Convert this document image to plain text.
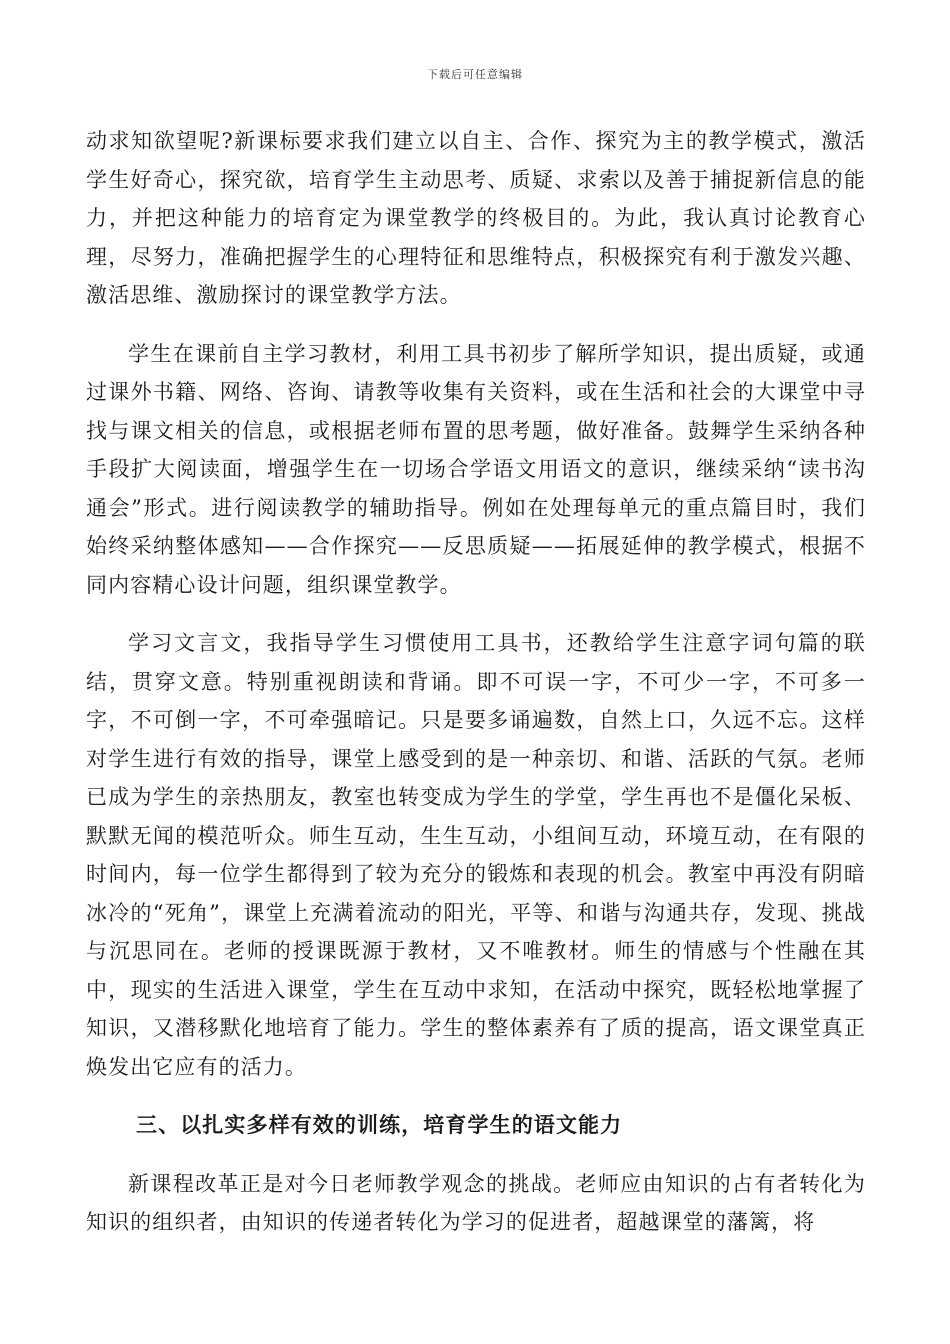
下载后可任意编辑

动求知欲望呢?新课标要求我们建立以自主、合作、探究为主的教学模式，激活学生好奇心，探究欲，培育学生主动思考、质疑、求索以及善于捕捉新信息的能力，并把这种能力的培育定为课堂教学的终极目的。为此，我认真讨论教育心理，尽努力，准确把握学生的心理特征和思维特点，积极探究有利于激发兴趣、激活思维、激励探讨的课堂教学方法。

学生在课前自主学习教材，利用工具书初步了解所学知识，提出质疑，或通过课外书籍、网络、咨询、请教等收集有关资料，或在生活和社会的大课堂中寻找与课文相关的信息，或根据老师布置的思考题，做好准备。鼓舞学生采纳各种手段扩大阅读面，增强学生在一切场合学语文用语文的意识，继续采纳“读书沟通会”形式。进行阅读教学的辅助指导。例如在处理每单元的重点篇目时，我们始终采纳整体感知——合作探究——反思质疑——拓展延伸的教学模式，根据不同内容精心设计问题，组织课堂教学。

学习文言文，我指导学生习惯使用工具书，还教给学生注意字词句篇的联结，贯穿文意。特别重视朗读和背诵。即不可误一字，不可少一字，不可多一字，不可倒一字，不可牵强暗记。只是要多诵遍数，自然上口，久远不忘。这样对学生进行有效的指导，课堂上感受到的是一种亲切、和谐、活跃的气氛。老师已成为学生的亲热朋友，教室也转变成为学生的学堂，学生再也不是僵化呆板、默默无闻的模范听众。师生互动，生生互动，小组间互动，环境互动，在有限的时间内，每一位学生都得到了较为充分的锻炼和表现的机会。教室中再没有阴暗冰冷的“死角”，课堂上充满着流动的阳光，平等、和谐与沟通共存，发现、挑战与沉思同在。老师的授课既源于教材，又不唯教材。师生的情感与个性融在其中，现实的生活进入课堂，学生在互动中求知，在活动中探究，既轻松地掌握了知识，又潜移默化地培育了能力。学生的整体素养有了质的提高，语文课堂真正焕发出它应有的活力。

三、以扎实多样有效的训练，培育学生的语文能力

新课程改革正是对今日老师教学观念的挑战。老师应由知识的占有者转化为知识的组织者，由知识的传递者转化为学习的促进者，超越课堂的藩篱，将
